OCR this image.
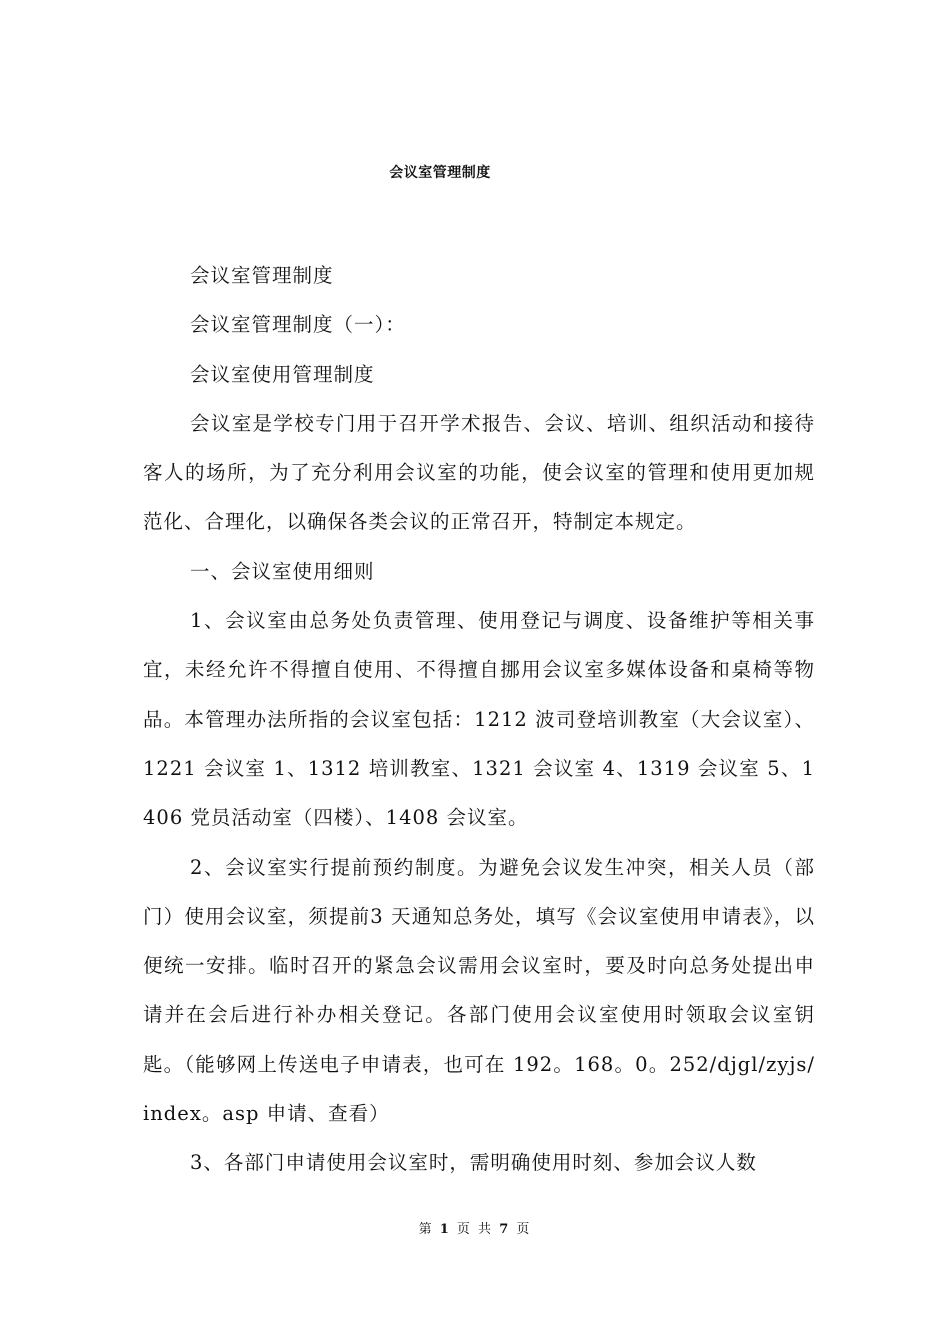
会议室管理制度

会议室管理制度

会议室管理制度（一）：

会议室使用管理制度

会议室是学校专门用于召开学术报告、会议、培训、组织活动和接待客人的场所，为了充分利用会议室的功能，使会议室的管理和使用更加规范化、合理化，以确保各类会议的正常召开，特制定本规定。

一、会议室使用细则

1、会议室由总务处负责管理、使用登记与调度、设备维护等相关事宜，未经允许不得擅自使用、不得擅自挪用会议室多媒体设备和桌椅等物品。本管理办法所指的会议室包括：1212 波司登培训教室（大会议室）、1221 会议室 1、1312 培训教室、1321 会议室 4、1319 会议室 5、1406 党员活动室（四楼）、1408 会议室。

2、会议室实行提前预约制度。为避免会议发生冲突，相关人员（部门）使用会议室，须提前3 天通知总务处，填写《会议室使用申请表》，以便统一安排。临时召开的紧急会议需用会议室时，要及时向总务处提出申请并在会后进行补办相关登记。各部门使用会议室使用时领取会议室钥匙。（能够网上传送电子申请表，也可在 192。168。0。252/djgl/zyjs/index。asp 申请、查看）

3、各部门申请使用会议室时，需明确使用时刻、参加会议人数

第 1 页 共 7 页
